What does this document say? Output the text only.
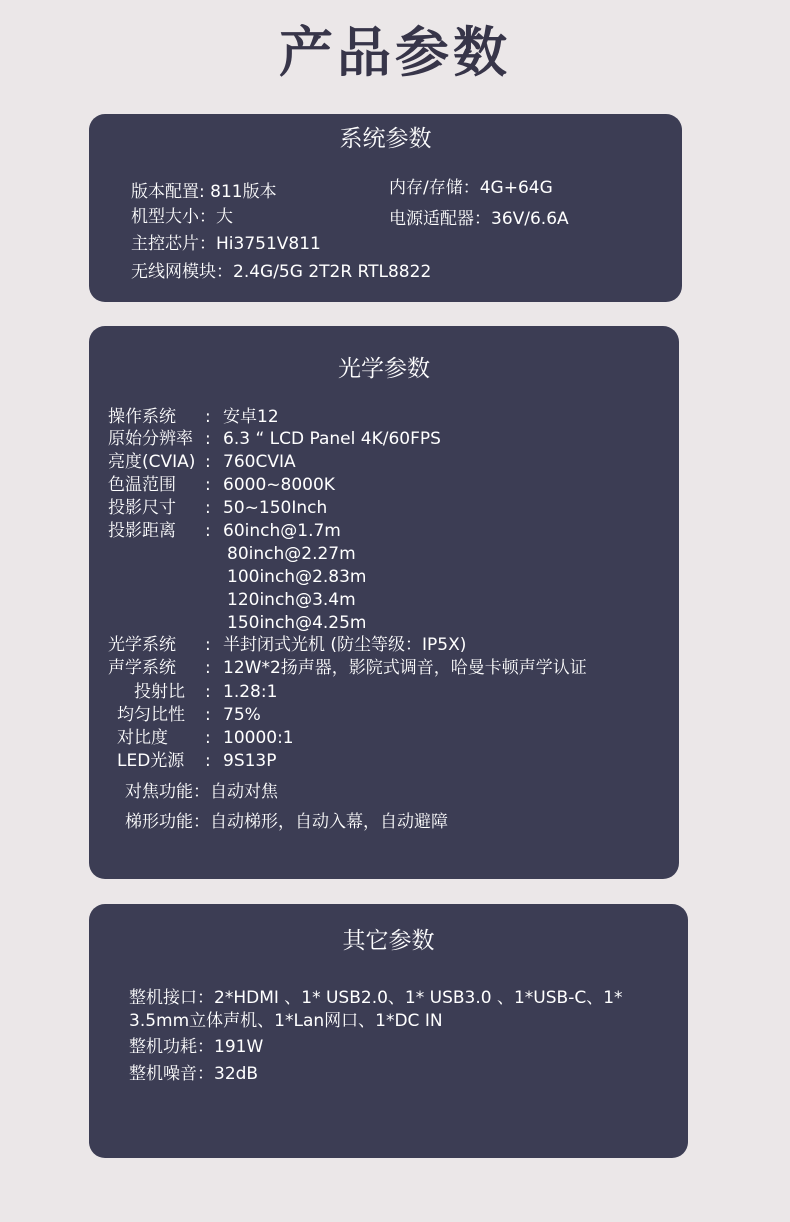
产品参数
系统参数
版本配置: 811版本	内存/存储：4G+64G
机型大小：大	电源适配器：36V/6.6A
主控芯片：Hi3751V811
无线网模块：2.4G/5G 2T2R RTL8822
光学参数
操作系统 : 安卓12
原始分辨率 : 6.3 “ LCD Panel 4K/60FPS
亮度(CVIA) : 760CVIA
色温范围 : 6000~8000K
投影尺寸 : 50~150Inch
投影距离 : 60inch@1.7m
80inch@2.27m
100inch@2.83m
120inch@3.4m
150inch@4.25m
光学系统 : 半封闭式光机 (防尘等级：IP5X)
声学系统 : 12W*2扬声器，影院式调音，哈曼卡顿声学认证
投射比 : 1.28:1
均匀比性 : 75%
对比度 : 10000:1
LED光源 : 9S13P
对焦功能：自动对焦
梯形功能：自动梯形，自动入幕，自动避障
其它参数
整机接口：2*HDMI 、1* USB2.0、1* USB3.0 、1*USB-C、1*
3.5mm立体声机、1*Lan网口、1*DC IN
整机功耗：191W
整机噪音：32dB
